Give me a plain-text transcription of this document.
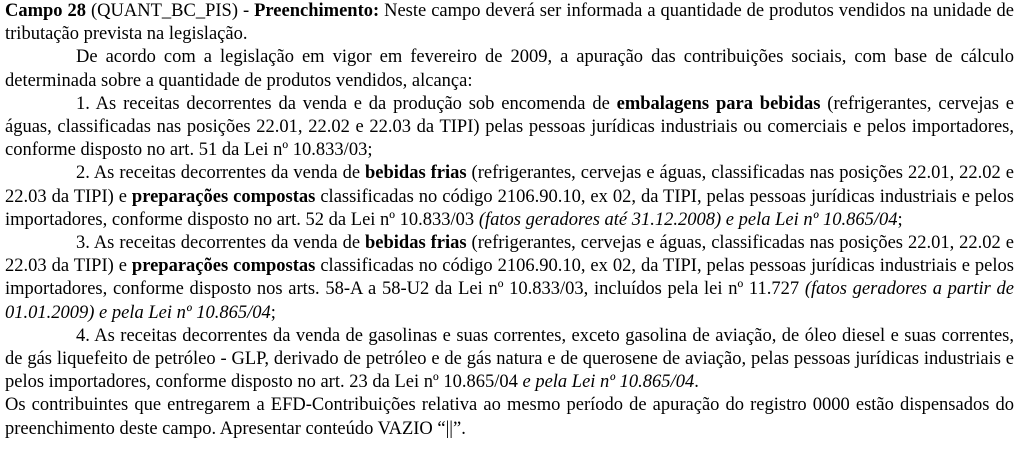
Campo 28 (QUANT_BC_PIS) - Preenchimento: Neste campo deverá ser informada a quantidade de produtos vendidos na unidade de tributação prevista na legislação.

De acordo com a legislação em vigor em fevereiro de 2009, a apuração das contribuições sociais, com base de cálculo determinada sobre a quantidade de produtos vendidos, alcança:

1. As receitas decorrentes da venda e da produção sob encomenda de embalagens para bebidas (refrigerantes, cervejas e águas, classificadas nas posições 22.01, 22.02 e 22.03 da TIPI) pelas pessoas jurídicas industriais ou comerciais e pelos importadores, conforme disposto no art. 51 da Lei nº 10.833/03;

2. As receitas decorrentes da venda de bebidas frias (refrigerantes, cervejas e águas, classificadas nas posições 22.01, 22.02 e 22.03 da TIPI) e preparações compostas classificadas no código 2106.90.10, ex 02, da TIPI, pelas pessoas jurídicas industriais e pelos importadores, conforme disposto no art. 52 da Lei nº 10.833/03 (fatos geradores até 31.12.2008) e pela Lei nº 10.865/04;

3. As receitas decorrentes da venda de bebidas frias (refrigerantes, cervejas e águas, classificadas nas posições 22.01, 22.02 e 22.03 da TIPI) e preparações compostas classificadas no código 2106.90.10, ex 02, da TIPI, pelas pessoas jurídicas industriais e pelos importadores, conforme disposto nos arts. 58-A a 58-U2 da Lei nº 10.833/03, incluídos pela lei nº 11.727 (fatos geradores a partir de 01.01.2009) e pela Lei nº 10.865/04;

4. As receitas decorrentes da venda de gasolinas e suas correntes, exceto gasolina de aviação, de óleo diesel e suas correntes, de gás liquefeito de petróleo - GLP, derivado de petróleo e de gás natura e de querosene de aviação, pelas pessoas jurídicas industriais e pelos importadores, conforme disposto no art. 23 da Lei nº 10.865/04 e pela Lei nº 10.865/04.

Os contribuintes que entregarem a EFD-Contribuições relativa ao mesmo período de apuração do registro 0000 estão dispensados do preenchimento deste campo. Apresentar conteúdo VAZIO “||”.
